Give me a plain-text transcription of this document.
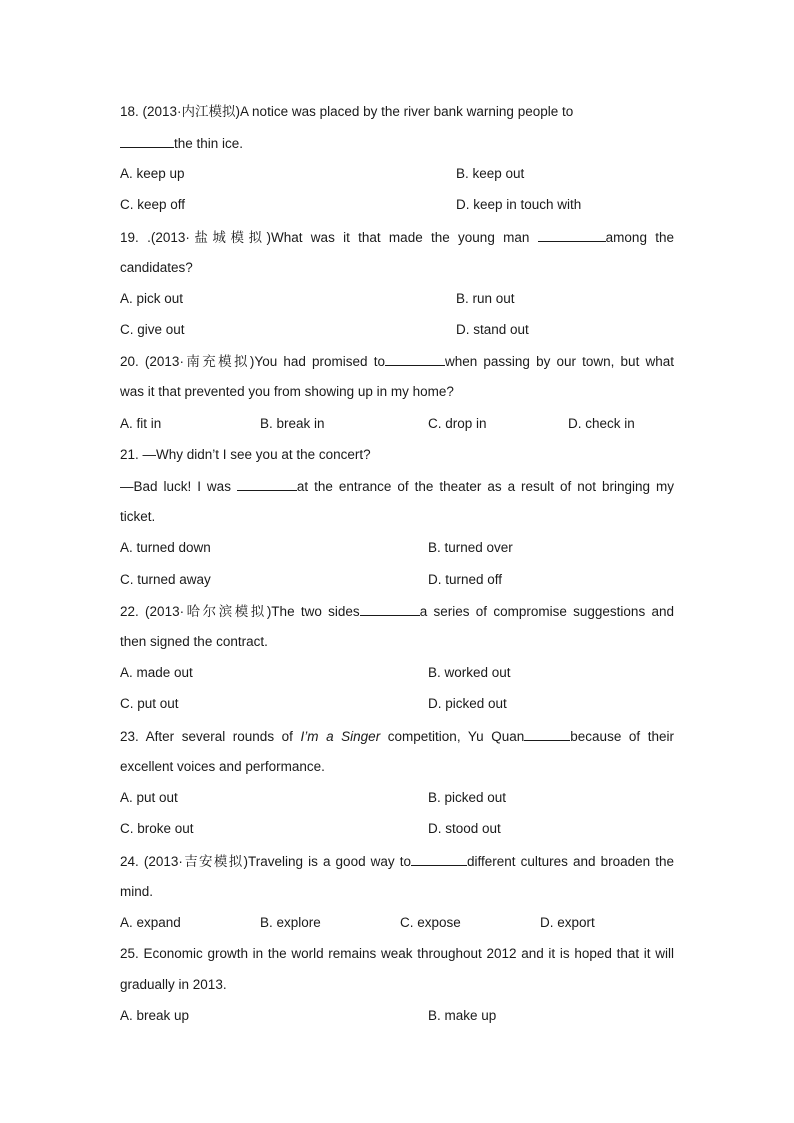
18. (2013·内江模拟)A notice was placed by the river bank warning people to
the thin ice.
A. keep up	B. keep out
C. keep off	D. keep in touch with
19. .(2013·盐城模拟)What was it that made the young man	among the
candidates?
A. pick out	B. run out
C. give out	D. stand out
20. (2013·南充模拟)You had promised to	when passing by our town, but what
was it that prevented you from showing up in my home?
A. fit in	B. break in	C. drop in	D. check in
21. —Why didn’t I see you at the concert?
—Bad luck! I was	at the entrance of the theater as a result of not bringing my
ticket.
A. turned down	B. turned over
C. turned away	D. turned off
22. (2013·哈尔滨模拟)The two sides	a series of compromise suggestions and
then signed the contract.
A. made out	B. worked out
C. put out	D. picked out
23. After several rounds of I’m a Singer competition, Yu Quan	because of their
excellent voices and performance.
A. put out	B. picked out
C. broke out	D. stood out
24. (2013·吉安模拟)Traveling is a good way to	different cultures and broaden the
mind.
A. expand	B. explore	C. expose	D. export
25. Economic growth in the world remains weak throughout 2012 and it is hoped that it will
gradually in 2013.
A. break up	B. make up
